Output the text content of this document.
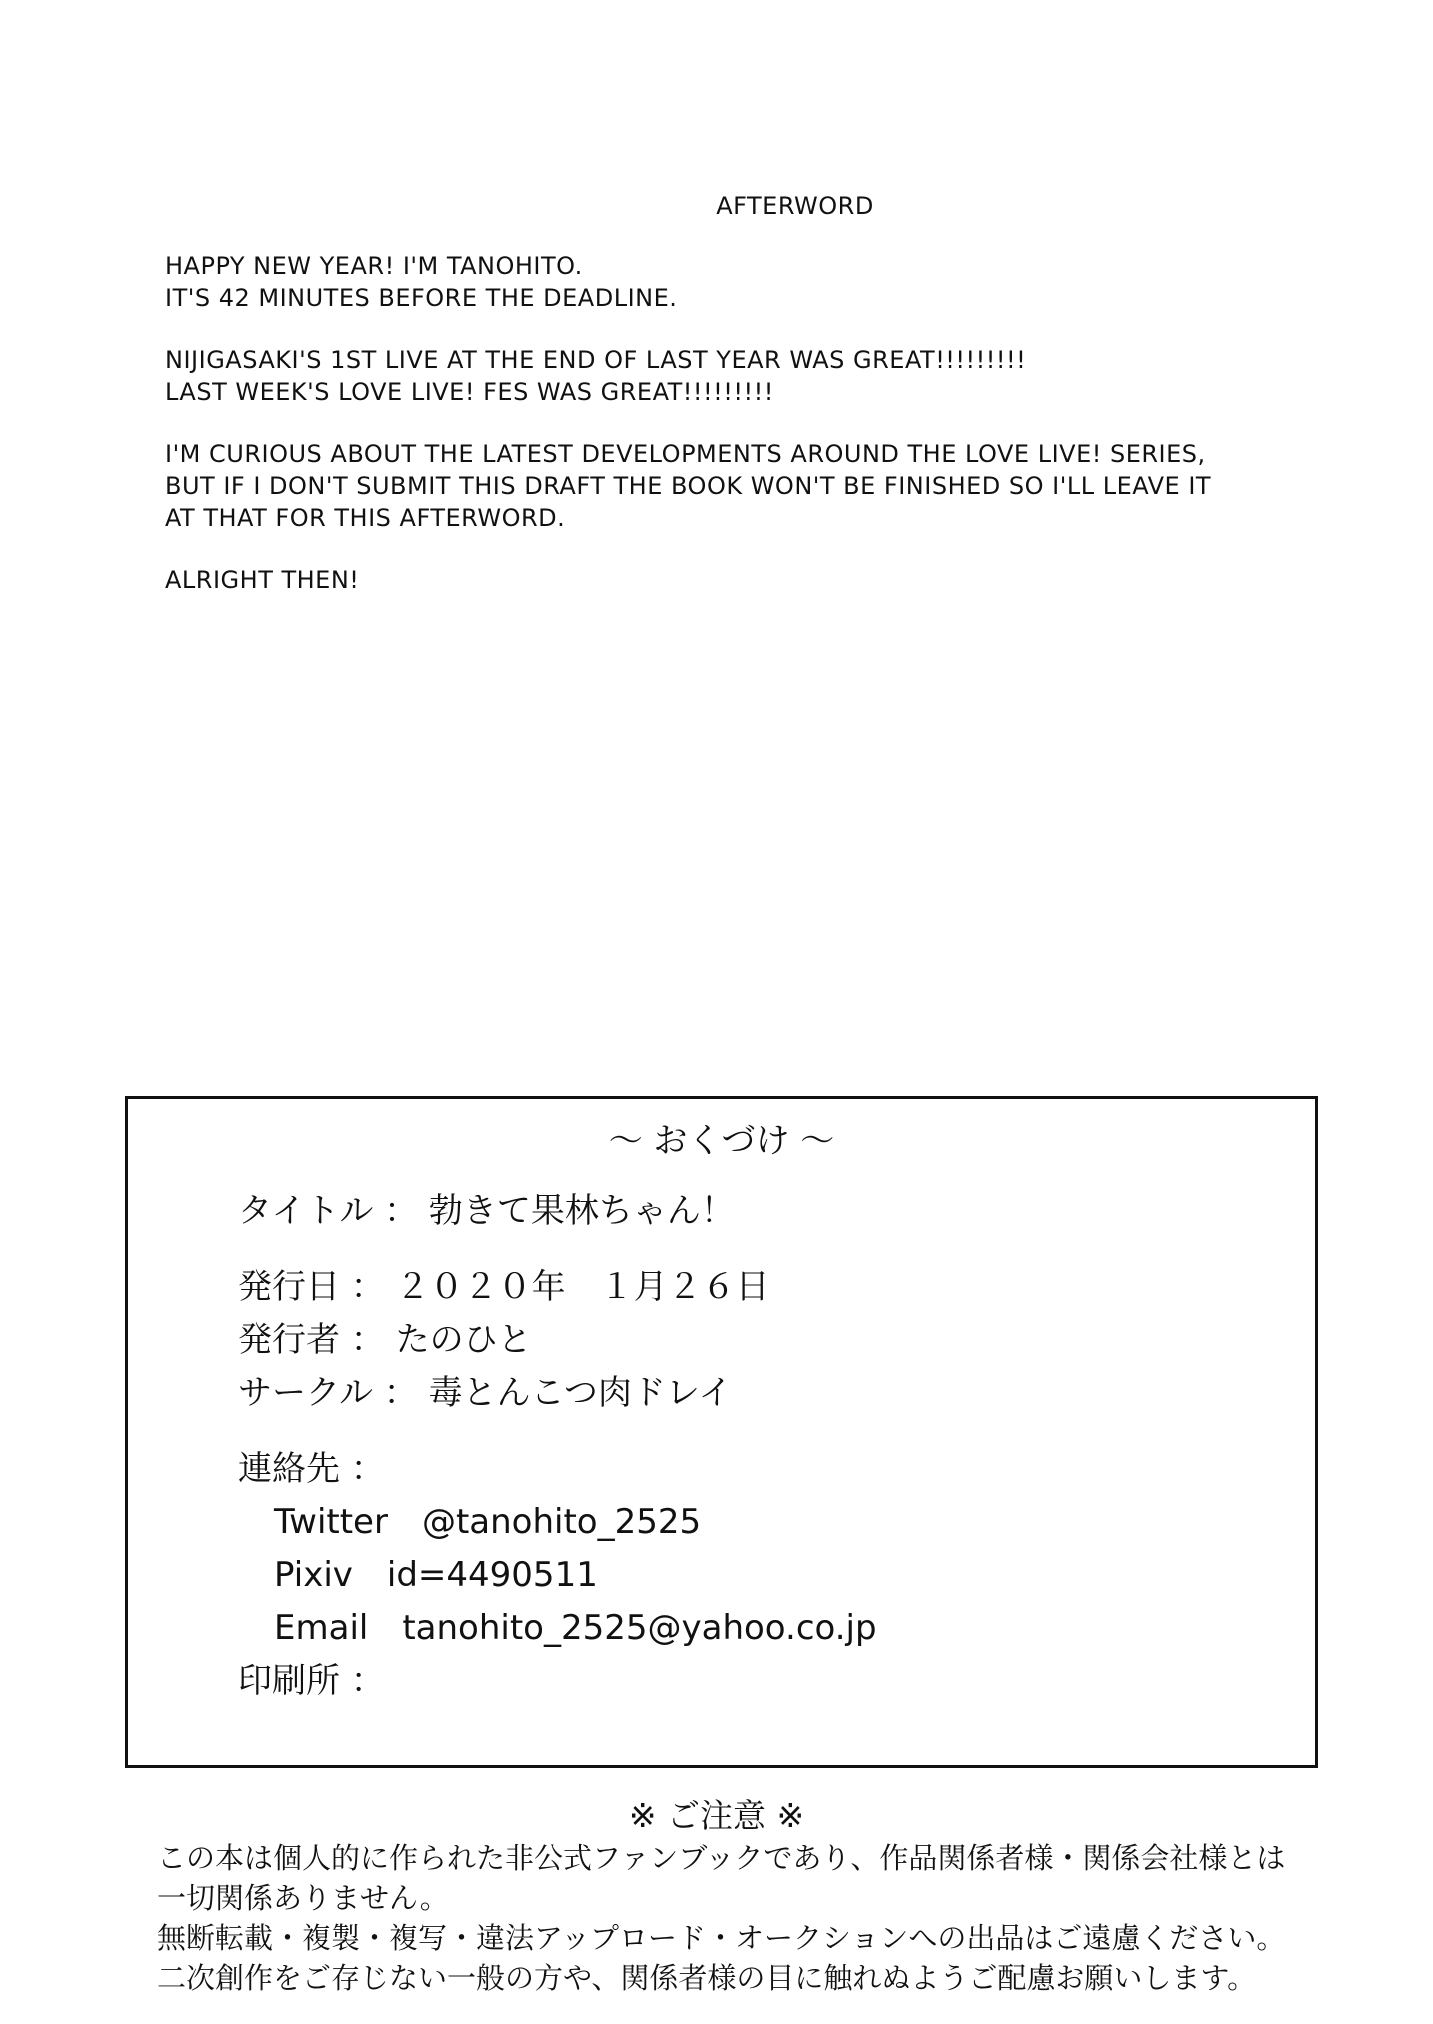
AFTERWORD

HAPPY NEW YEAR! I'M TANOHITO.
IT'S 42 MINUTES BEFORE THE DEADLINE.

NIJIGASAKI'S 1ST LIVE AT THE END OF LAST YEAR WAS GREAT!!!!!!!!!
LAST WEEK'S LOVE LIVE! FES WAS GREAT!!!!!!!!!

I'M CURIOUS ABOUT THE LATEST DEVELOPMENTS AROUND THE LOVE LIVE! SERIES,
BUT IF I DON'T SUBMIT THIS DRAFT THE BOOK WON'T BE FINISHED SO I'LL LEAVE IT
AT THAT FOR THIS AFTERWORD.

ALRIGHT THEN!

～ おくづけ ～
タイトル ： 勃きて果林ちゃん！
発行日 ： ２０２０年　１月２６日
発行者 ： たのひと
サークル ： 毒とんこつ肉ドレイ
連絡先 ：
Twitter　@tanohito_2525
Pixiv　id=4490511
Email　tanohito_2525@yahoo.co.jp
印刷所 ：
※ ご注意 ※
この本は個人的に作られた非公式ファンブックであり、作品関係者様・関係会社様とは
一切関係ありません。
無断転載・複製・複写・違法アップロード・オークションへの出品はご遠慮ください。
二次創作をご存じない一般の方や、関係者様の目に触れぬようご配慮お願いします。
